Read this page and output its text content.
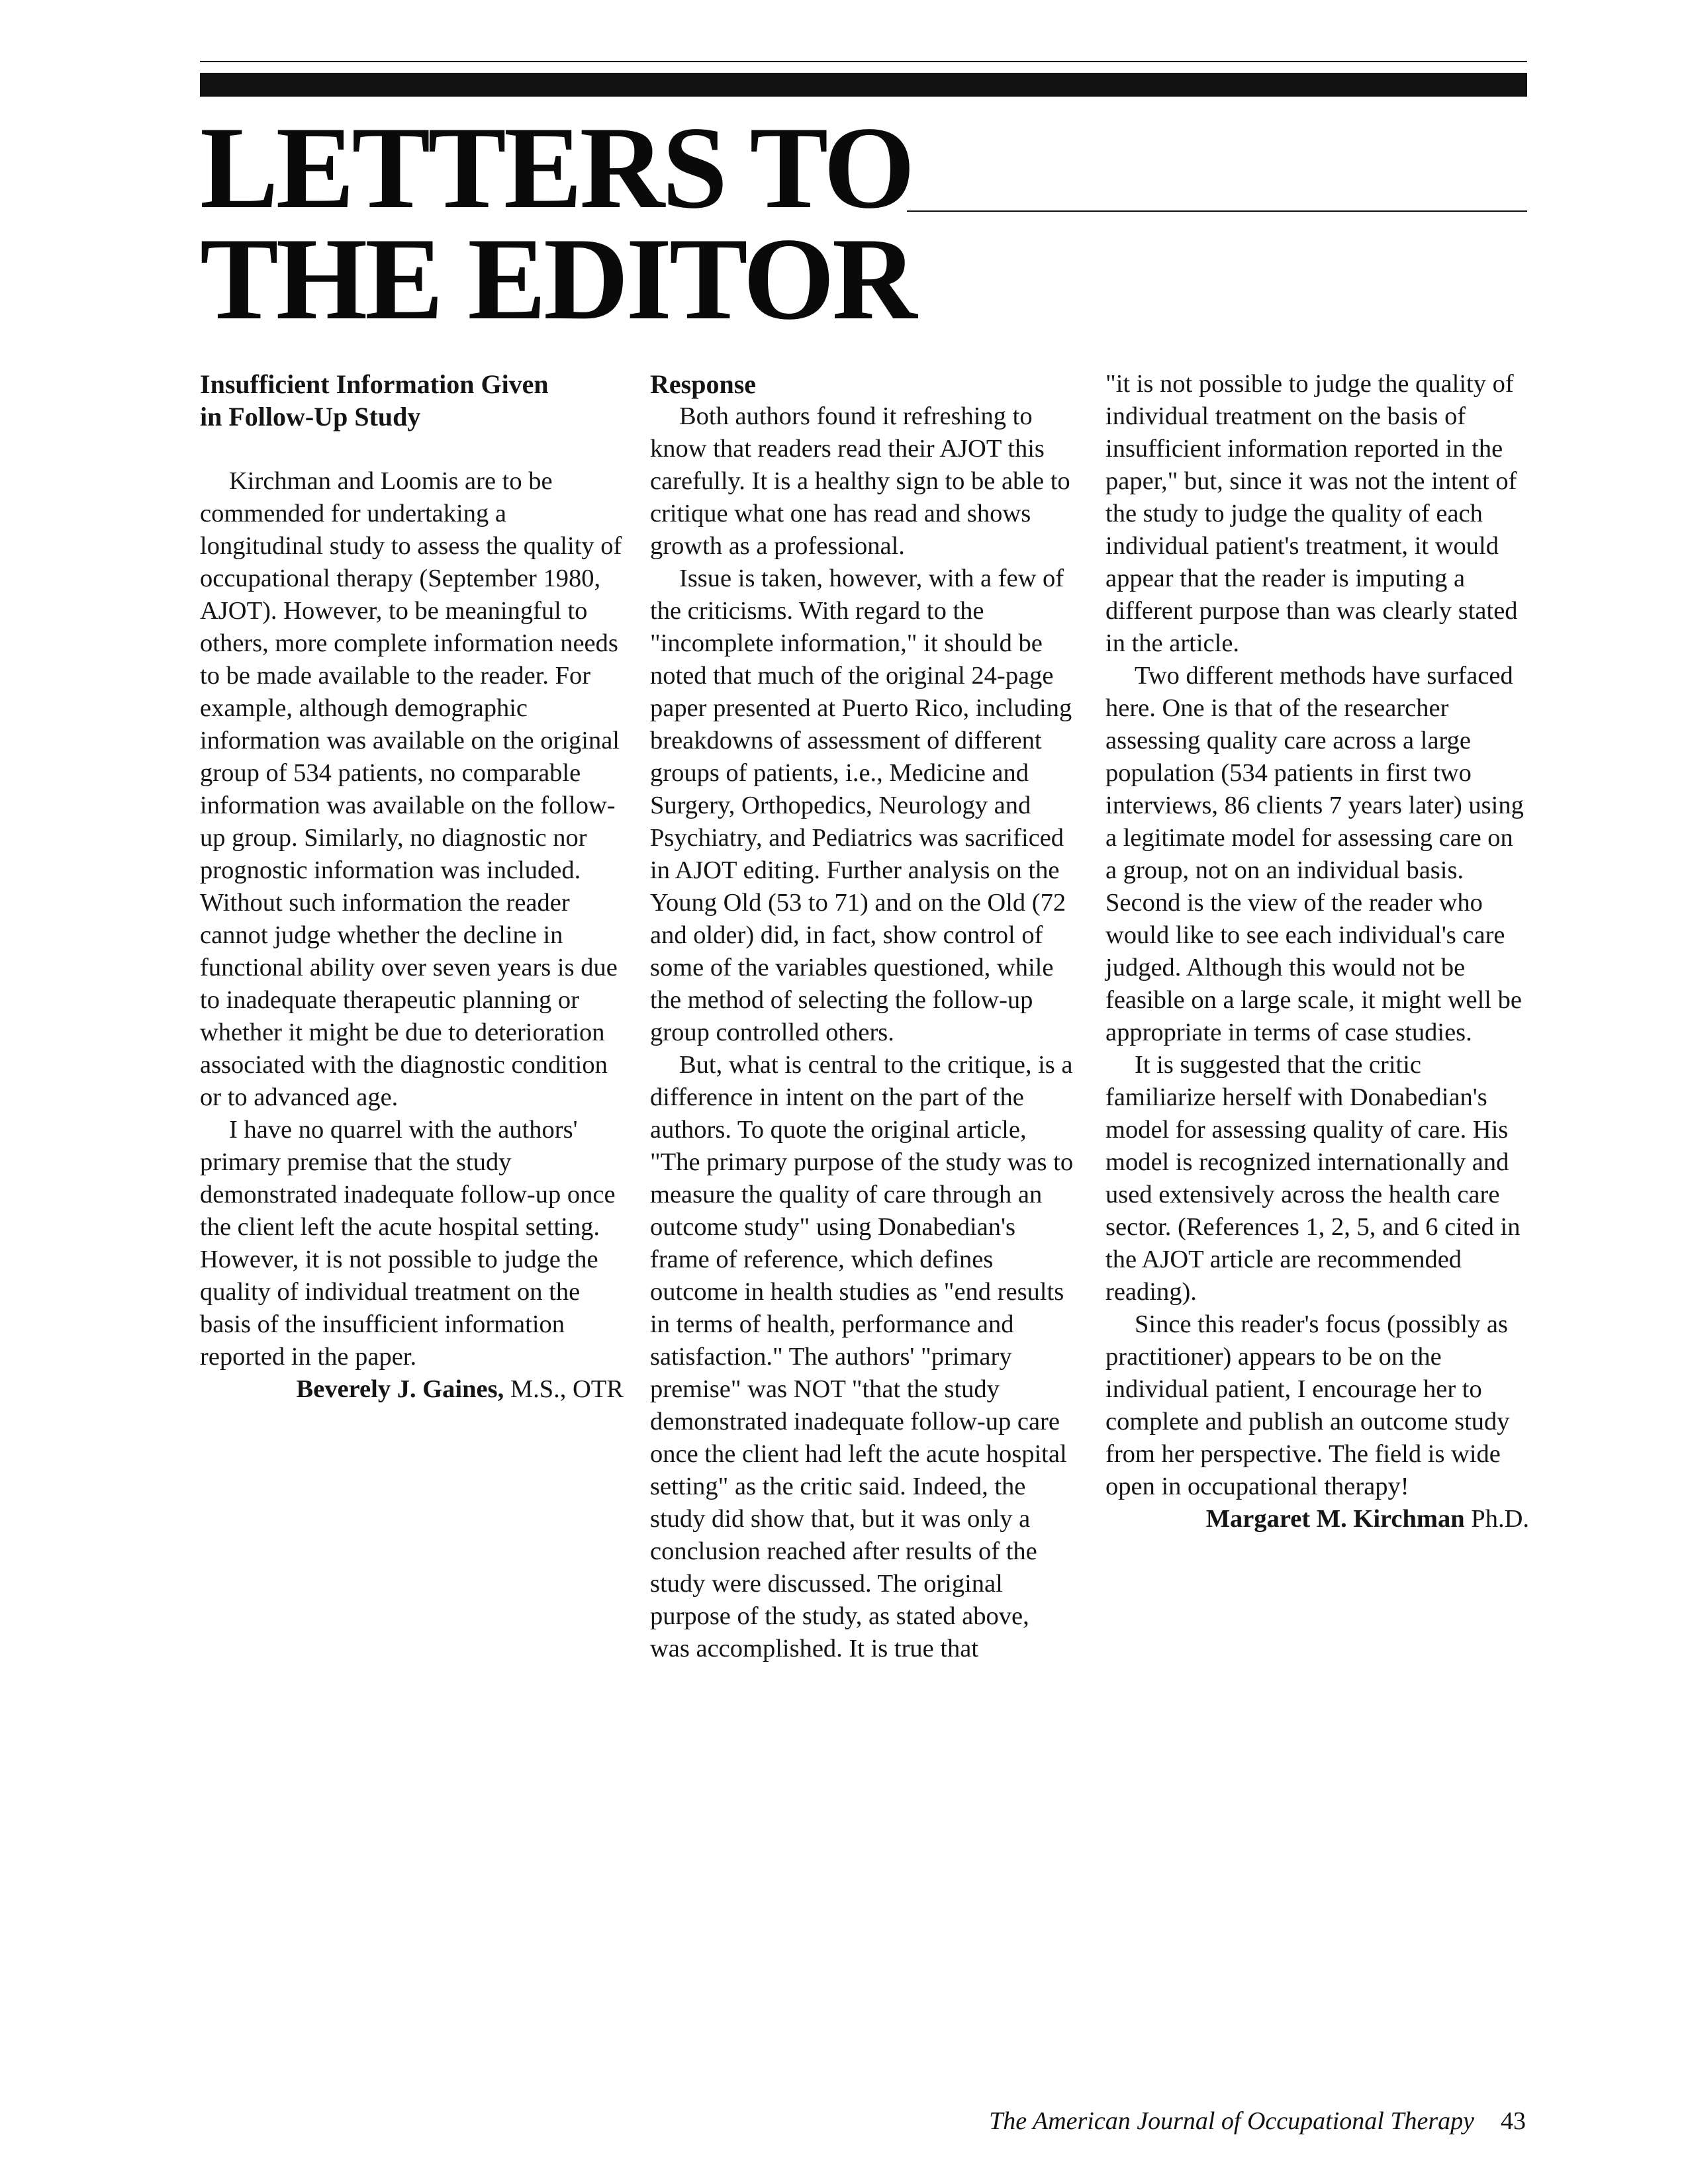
LETTERS TO
THE EDITOR
Insufficient Information Given
in Follow-Up Study

Kirchman and Loomis are to be commended for undertaking a longitudinal study to assess the quality of occupational therapy (September 1980, AJOT). However, to be meaningful to others, more complete information needs to be made available to the reader. For example, although demographic information was available on the original group of 534 patients, no comparable information was available on the follow-up group. Similarly, no diagnostic nor prognostic information was included. Without such information the reader cannot judge whether the decline in functional ability over seven years is due to inadequate therapeutic planning or whether it might be due to deterioration associated with the diagnostic condition or to advanced age.

I have no quarrel with the authors' primary premise that the study demonstrated inadequate follow-up once the client left the acute hospital setting. However, it is not possible to judge the quality of individual treatment on the basis of the insufficient information reported in the paper.

Beverely J. Gaines, M.S., OTR

Response

Both authors found it refreshing to know that readers read their AJOT this carefully. It is a healthy sign to be able to critique what one has read and shows growth as a professional.

Issue is taken, however, with a few of the criticisms. With regard to the "incomplete information," it should be noted that much of the original 24-page paper presented at Puerto Rico, including breakdowns of assessment of different groups of patients, i.e., Medicine and Surgery, Orthopedics, Neurology and Psychiatry, and Pediatrics was sacrificed in AJOT editing. Further analysis on the Young Old (53 to 71) and on the Old (72 and older) did, in fact, show control of some of the variables questioned, while the method of selecting the follow-up group controlled others.

But, what is central to the critique, is a difference in intent on the part of the authors. To quote the original article, "The primary purpose of the study was to measure the quality of care through an outcome study" using Donabedian's frame of reference, which defines outcome in health studies as "end results in terms of health, performance and satisfaction." The authors' "primary premise" was NOT "that the study demonstrated inadequate follow-up care once the client had left the acute hospital setting" as the critic said. Indeed, the study did show that, but it was only a conclusion reached after results of the study were discussed. The original purpose of the study, as stated above, was accomplished. It is true that

"it is not possible to judge the quality of individual treatment on the basis of insufficient information reported in the paper," but, since it was not the intent of the study to judge the quality of each individual patient's treatment, it would appear that the reader is imputing a different purpose than was clearly stated in the article.

Two different methods have surfaced here. One is that of the researcher assessing quality care across a large population (534 patients in first two interviews, 86 clients 7 years later) using a legitimate model for assessing care on a group, not on an individual basis. Second is the view of the reader who would like to see each individual's care judged. Although this would not be feasible on a large scale, it might well be appropriate in terms of case studies.

It is suggested that the critic familiarize herself with Donabedian's model for assessing quality of care. His model is recognized internationally and used extensively across the health care sector. (References 1, 2, 5, and 6 cited in the AJOT article are recommended reading).

Since this reader's focus (possibly as practitioner) appears to be on the individual patient, I encourage her to complete and publish an outcome study from her perspective. The field is wide open in occupational therapy!

Margaret M. Kirchman Ph.D.

The American Journal of Occupational Therapy 43
